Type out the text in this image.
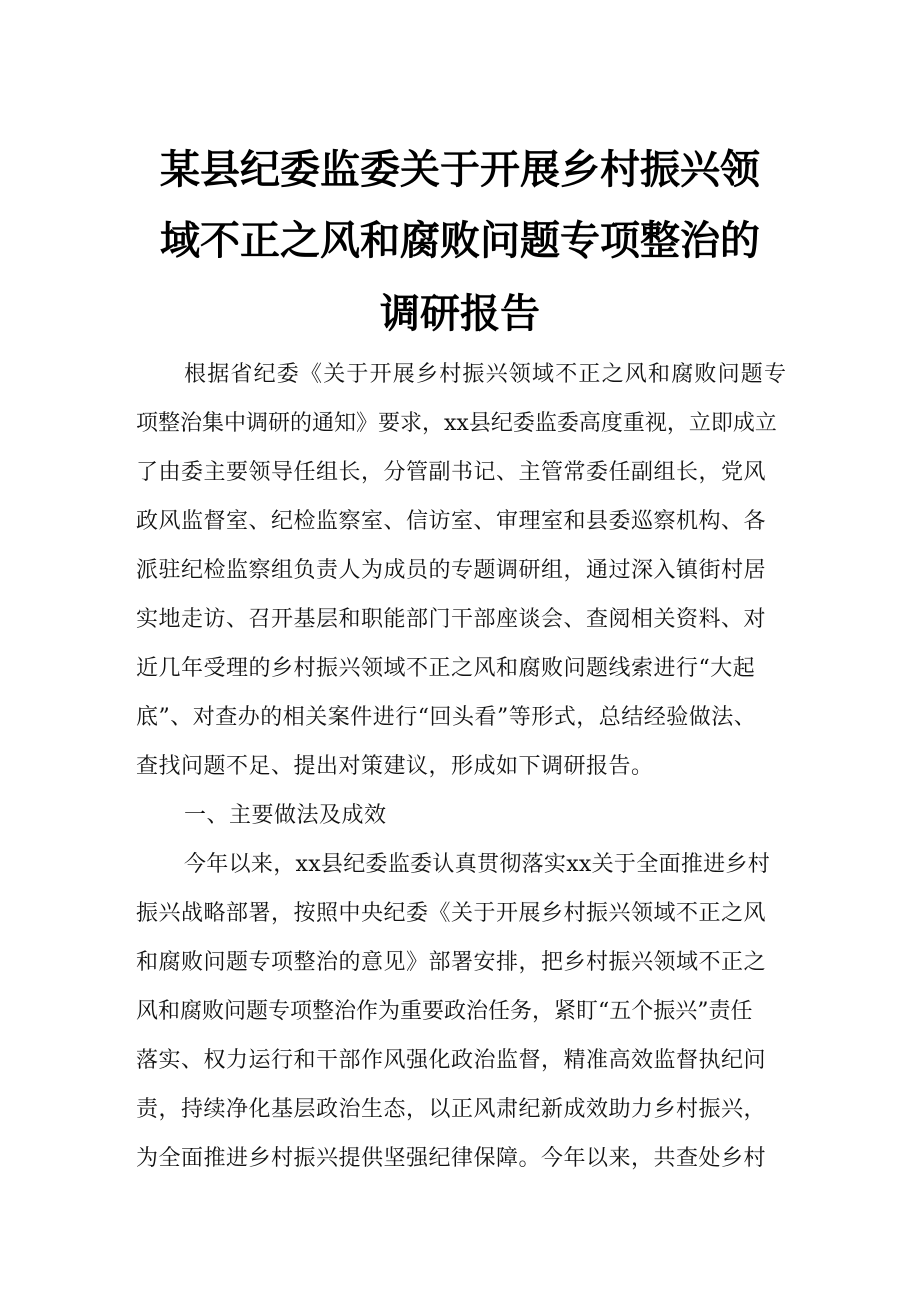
某县纪委监委关于开展乡村振兴领
域不正之风和腐败问题专项整治的
调研报告
根据省纪委《关于开展乡村振兴领域不正之风和腐败问题专
项整治集中调研的通知》要求，xx县纪委监委高度重视，立即成立
了由委主要领导任组长，分管副书记、主管常委任副组长，党风
政风监督室、纪检监察室、信访室、审理室和县委巡察机构、各
派驻纪检监察组负责人为成员的专题调研组，通过深入镇街村居
实地走访、召开基层和职能部门干部座谈会、查阅相关资料、对
近几年受理的乡村振兴领域不正之风和腐败问题线索进行“大起
底”、对查办的相关案件进行“回头看”等形式，总结经验做法、
查找问题不足、提出对策建议，形成如下调研报告。
一、主要做法及成效
今年以来，xx县纪委监委认真贯彻落实xx关于全面推进乡村
振兴战略部署，按照中央纪委《关于开展乡村振兴领域不正之风
和腐败问题专项整治的意见》部署安排，把乡村振兴领域不正之
风和腐败问题专项整治作为重要政治任务，紧盯“五个振兴”责任
落实、权力运行和干部作风强化政治监督，精准高效监督执纪问
责，持续净化基层政治生态，以正风肃纪新成效助力乡村振兴，
为全面推进乡村振兴提供坚强纪律保障。今年以来，共查处乡村
